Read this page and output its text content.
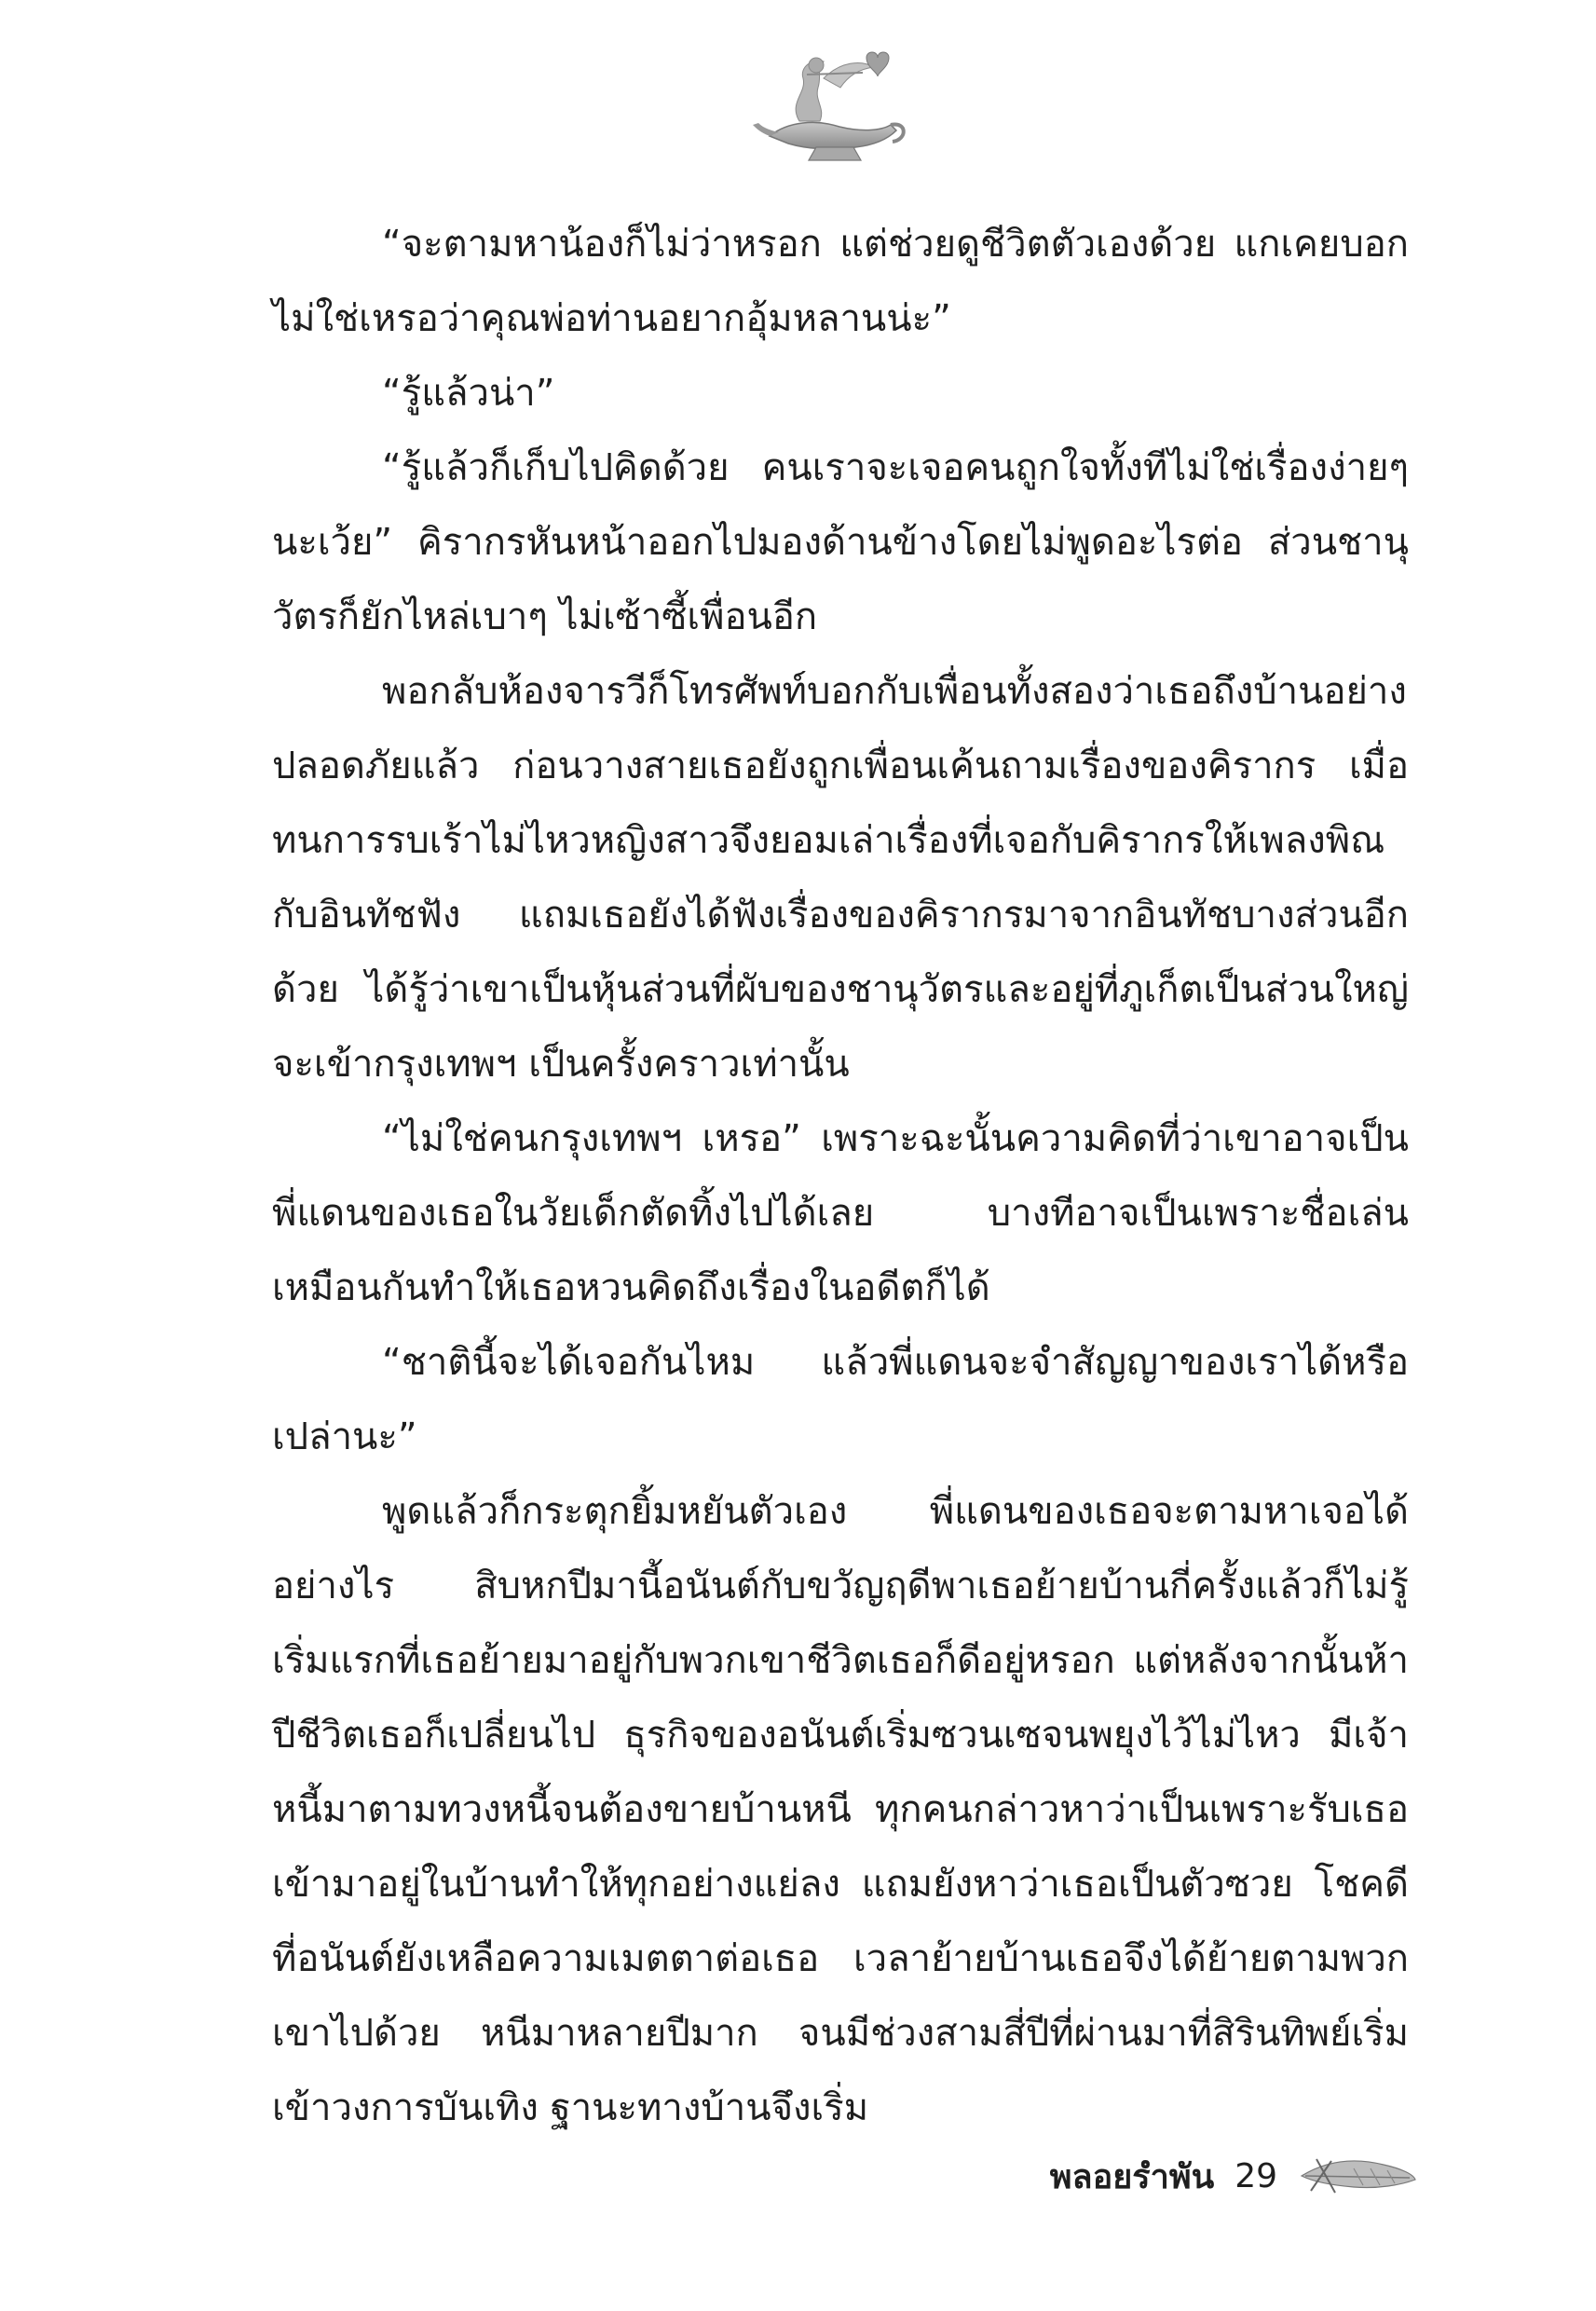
“จะตามหาน้องก็ไม่ว่าหรอก แต่ช่วยดูชีวิตตัวเองด้วย แกเคยบอกไม่ใช่เหรอว่าคุณพ่อท่านอยากอุ้มหลานน่ะ”

“รู้แล้วน่า”

“รู้แล้วก็เก็บไปคิดด้วย คนเราจะเจอคนถูกใจทั้งทีไม่ใช่เรื่องง่ายๆ นะเว้ย” คิรากรหันหน้าออกไปมองด้านข้างโดยไม่พูดอะไรต่อ ส่วนชานุวัตรก็ยักไหล่เบาๆ ไม่เซ้าซี้เพื่อนอีก

พอกลับห้องจารวีก็โทรศัพท์บอกกับเพื่อนทั้งสองว่าเธอถึงบ้านอย่างปลอดภัยแล้ว ก่อนวางสายเธอยังถูกเพื่อนเค้นถามเรื่องของคิรากร เมื่อทนการรบเร้าไม่ไหวหญิงสาวจึงยอมเล่าเรื่องที่เจอกับคิรากรให้เพลงพิณกับอินทัชฟัง แถมเธอยังได้ฟังเรื่องของคิรากรมาจากอินทัชบางส่วนอีกด้วย ได้รู้ว่าเขาเป็นหุ้นส่วนที่ผับของชานุวัตรและอยู่ที่ภูเก็ตเป็นส่วนใหญ่ จะเข้ากรุงเทพฯ เป็นครั้งคราวเท่านั้น

“ไม่ใช่คนกรุงเทพฯ เหรอ” เพราะฉะนั้นความคิดที่ว่าเขาอาจเป็นพี่แดนของเธอในวัยเด็กตัดทิ้งไปได้เลย บางทีอาจเป็นเพราะชื่อเล่นเหมือนกันทำให้เธอหวนคิดถึงเรื่องในอดีตก็ได้

“ชาตินี้จะได้เจอกันไหม แล้วพี่แดนจะจำสัญญาของเราได้หรือเปล่านะ”

พูดแล้วก็กระตุกยิ้มหยันตัวเอง พี่แดนของเธอจะตามหาเจอได้อย่างไร สิบหกปีมานี้อนันต์กับขวัญฤดีพาเธอย้ายบ้านกี่ครั้งแล้วก็ไม่รู้ เริ่มแรกที่เธอย้ายมาอยู่กับพวกเขาชีวิตเธอก็ดีอยู่หรอก แต่หลังจากนั้นห้าปีชีวิตเธอก็เปลี่ยนไป ธุรกิจของอนันต์เริ่มซวนเซจนพยุงไว้ไม่ไหว มีเจ้าหนี้มาตามทวงหนี้จนต้องขายบ้านหนี ทุกคนกล่าวหาว่าเป็นเพราะรับเธอเข้ามาอยู่ในบ้านทำให้ทุกอย่างแย่ลง แถมยังหาว่าเธอเป็นตัวซวย โชคดีที่อนันต์ยังเหลือความเมตตาต่อเธอ เวลาย้ายบ้านเธอจึงได้ย้ายตามพวกเขาไปด้วย หนีมาหลายปีมาก จนมีช่วงสามสี่ปีที่ผ่านมาที่สิรินทิพย์เริ่มเข้าวงการบันเทิง ฐานะทางบ้านจึงเริ่ม

พลอยรำพัน 29
